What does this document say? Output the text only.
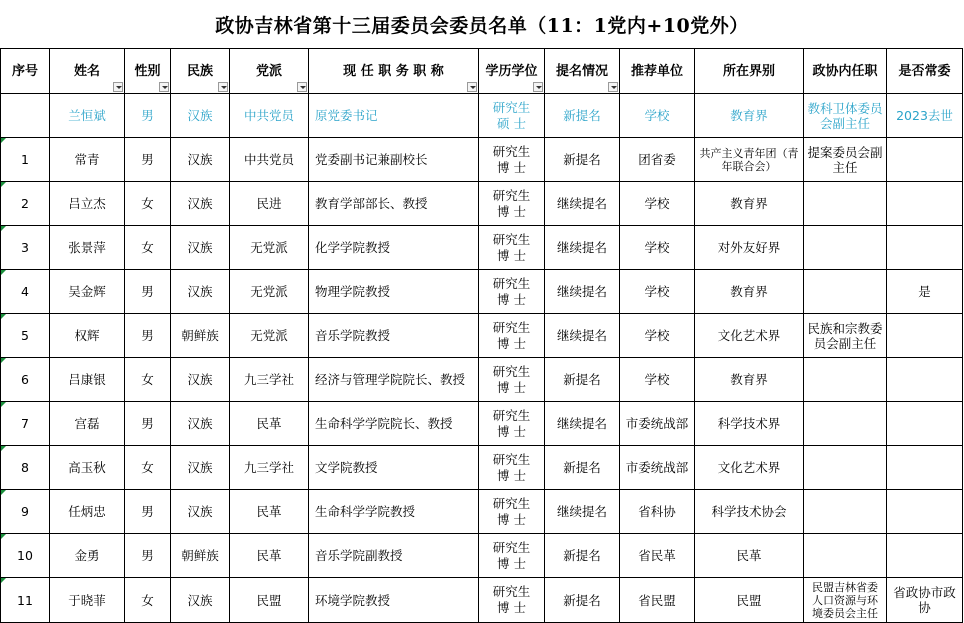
政协吉林省第十三届委员会委员名单（11：1党内+10党外）
序号	姓名	性别	民族	党派	现 任 职 务 职 称	学历学位	提名情况	推荐单位	所在界别	政协内任职	是否常委
	兰恒斌	男	汉族	中共党员	原党委书记	研究生
硕 士	新提名	学校	教育界	教科卫体委员会副主任	2023去世

1	常青	男	汉族	中共党员	党委副书记兼副校长	研究生
博 士	新提名	团省委	共产主义青年团（青年联合会）	提案委员会副主任	

2	吕立杰	女	汉族	民进	教育学部部长、教授	研究生
博 士	继续提名	学校	教育界		

3	张景萍	女	汉族	无党派	化学学院教授	研究生
博 士	继续提名	学校	对外友好界		

4	吴金辉	男	汉族	无党派	物理学院教授	研究生
博 士	继续提名	学校	教育界		是

5	权辉	男	朝鲜族	无党派	音乐学院教授	研究生
博 士	继续提名	学校	文化艺术界	民族和宗教委员会副主任	

6	吕康银	女	汉族	九三学社	经济与管理学院院长、教授	研究生
博 士	新提名	学校	教育界		

7	宫磊	男	汉族	民革	生命科学学院院长、教授	研究生
博 士	继续提名	市委统战部	科学技术界		

8	高玉秋	女	汉族	九三学社	文学院教授	研究生
博 士	新提名	市委统战部	文化艺术界		

9	任炳忠	男	汉族	民革	生命科学学院教授	研究生
博 士	继续提名	省科协	科学技术协会		

10	金勇	男	朝鲜族	民革	音乐学院副教授	研究生
博 士	新提名	省民革	民革		

11	于晓菲	女	汉族	民盟	环境学院教授	研究生
博 士	新提名	省民盟	民盟	民盟吉林省委人口资源与环境委员会主任	省政协市政协
